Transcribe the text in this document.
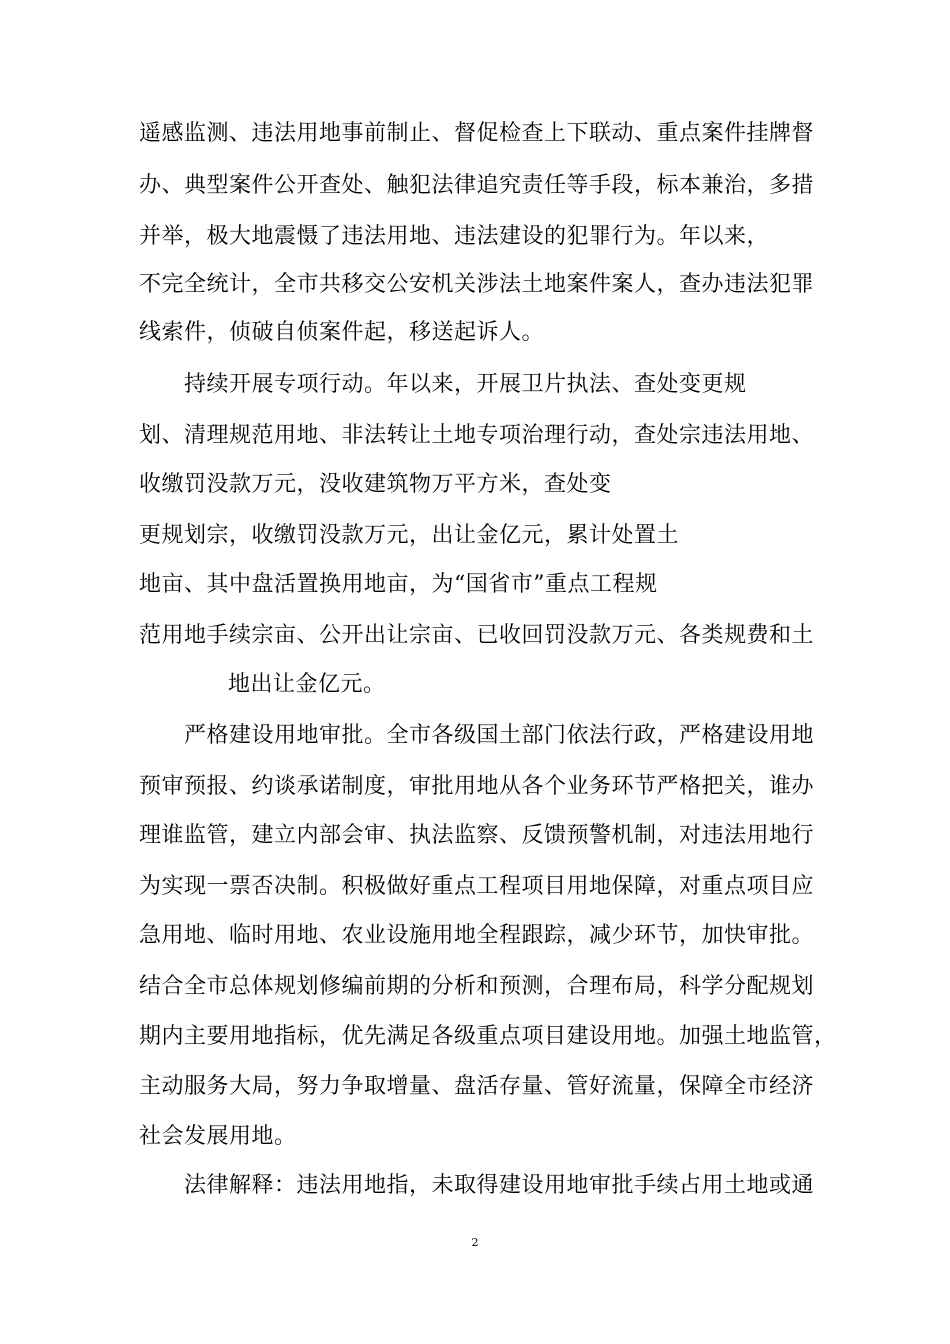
遥感监测、违法用地事前制止、督促检查上下联动、重点案件挂牌督
办、典型案件公开查处、触犯法律追究责任等手段，标本兼治，多措
并举，极大地震慑了违法用地、违法建设的犯罪行为。年以来，
不完全统计，全市共移交公安机关涉法土地案件案人，查办违法犯罪
线索件，侦破自侦案件起，移送起诉人。
持续开展专项行动。年以来，开展卫片执法、查处变更规
划、清理规范用地、非法转让土地专项治理行动，查处宗违法用地、
收缴罚没款万元，没收建筑物万平方米，查处变
更规划宗，收缴罚没款万元，出让金亿元，累计处置土
地亩、其中盘活置换用地亩，为“国省市”重点工程规
范用地手续宗亩、公开出让宗亩、已收回罚没款万元、各类规费和土
地出让金亿元。
严格建设用地审批。全市各级国土部门依法行政，严格建设用地
预审预报、约谈承诺制度，审批用地从各个业务环节严格把关，谁办
理谁监管，建立内部会审、执法监察、反馈预警机制，对违法用地行
为实现一票否决制。积极做好重点工程项目用地保障，对重点项目应
急用地、临时用地、农业设施用地全程跟踪，减少环节，加快审批。
结合全市总体规划修编前期的分析和预测，合理布局，科学分配规划
期内主要用地指标，优先满足各级重点项目建设用地。加强土地监管，
主动服务大局，努力争取增量、盘活存量、管好流量，保障全市经济
社会发展用地。
法律解释：违法用地指，未取得建设用地审批手续占用土地或通
2
